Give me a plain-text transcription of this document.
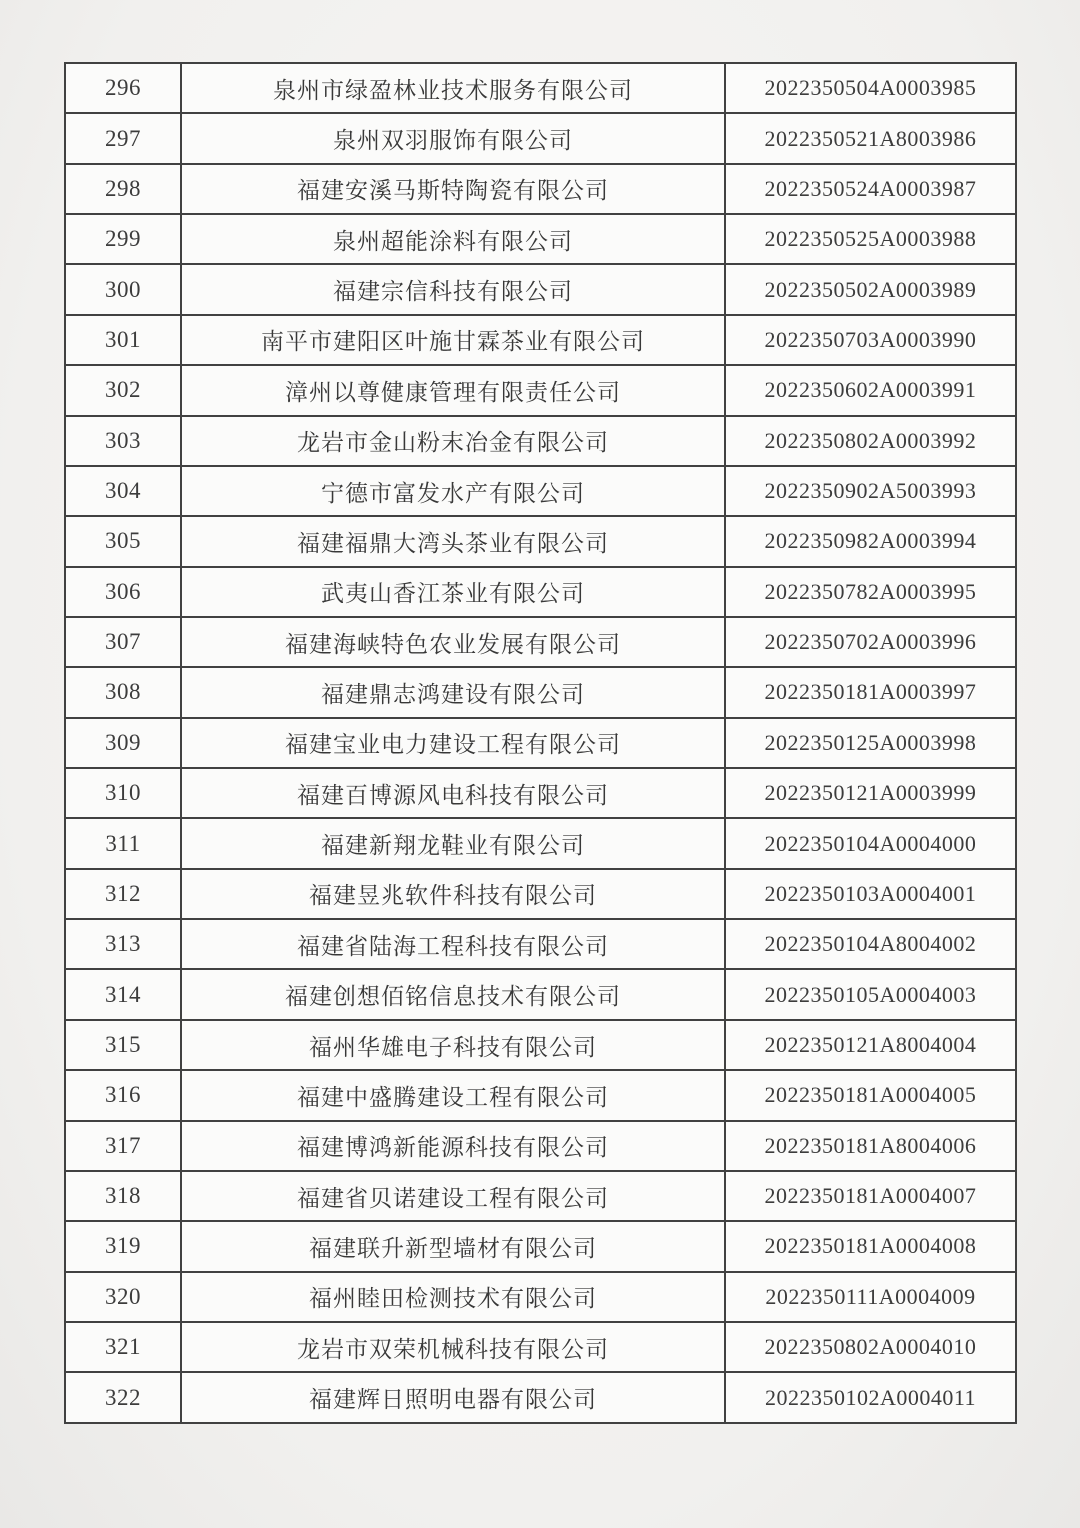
296	泉州市绿盈林业技术服务有限公司	2022350504A0003985
297	泉州双羽服饰有限公司	2022350521A8003986
298	福建安溪马斯特陶瓷有限公司	2022350524A0003987
299	泉州超能涂料有限公司	2022350525A0003988
300	福建宗信科技有限公司	2022350502A0003989
301	南平市建阳区叶施甘霖茶业有限公司	2022350703A0003990
302	漳州以尊健康管理有限责任公司	2022350602A0003991
303	龙岩市金山粉末冶金有限公司	2022350802A0003992
304	宁德市富发水产有限公司	2022350902A5003993
305	福建福鼎大湾头茶业有限公司	2022350982A0003994
306	武夷山香江茶业有限公司	2022350782A0003995
307	福建海峡特色农业发展有限公司	2022350702A0003996
308	福建鼎志鸿建设有限公司	2022350181A0003997
309	福建宝业电力建设工程有限公司	2022350125A0003998
310	福建百博源风电科技有限公司	2022350121A0003999
311	福建新翔龙鞋业有限公司	2022350104A0004000
312	福建昱兆软件科技有限公司	2022350103A0004001
313	福建省陆海工程科技有限公司	2022350104A8004002
314	福建创想佰铭信息技术有限公司	2022350105A0004003
315	福州华雄电子科技有限公司	2022350121A8004004
316	福建中盛腾建设工程有限公司	2022350181A0004005
317	福建博鸿新能源科技有限公司	2022350181A8004006
318	福建省贝诺建设工程有限公司	2022350181A0004007
319	福建联升新型墙材有限公司	2022350181A0004008
320	福州睦田检测技术有限公司	2022350111A0004009
321	龙岩市双荣机械科技有限公司	2022350802A0004010
322	福建辉日照明电器有限公司	2022350102A0004011
